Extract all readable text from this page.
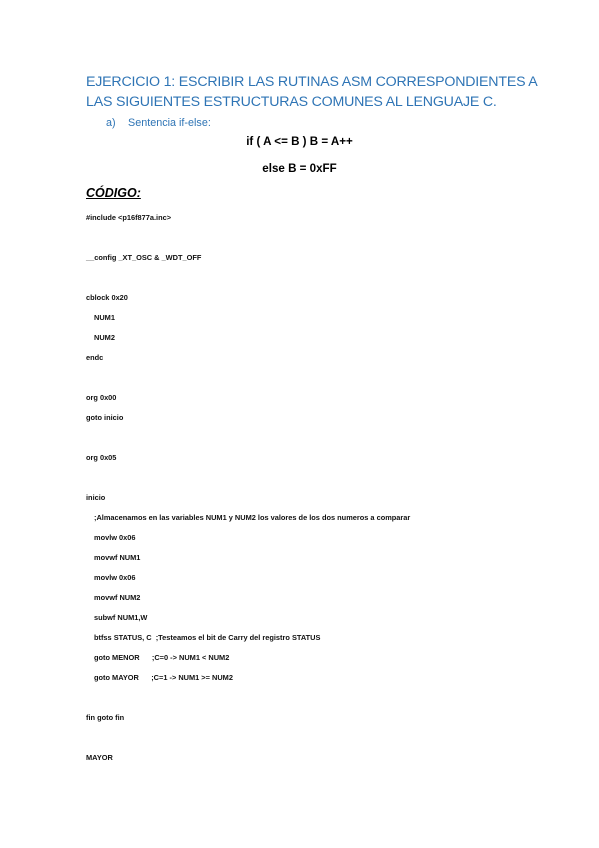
EJERCICIO 1: ESCRIBIR LAS RUTINAS ASM CORRESPONDIENTES A
LAS SIGUIENTES ESTRUCTURAS COMUNES AL LENGUAJE C.
a) Sentencia if-else:
if ( A <= B ) B = A++
else B = 0xFF
CÓDIGO:
#include <p16f877a.inc>
__config _XT_OSC & _WDT_OFF
cblock 0x20
NUM1
NUM2
endc
org 0x00
goto inicio
org 0x05
inicio
;Almacenamos en las variables NUM1 y NUM2 los valores de los dos numeros a comparar
movlw 0x06
movwf NUM1
movlw 0x06
movwf NUM2
subwf NUM1,W
btfss STATUS, C  ;Testeamos el bit de Carry del registro STATUS
goto MENOR      ;C=0 -> NUM1 < NUM2
goto MAYOR      ;C=1 -> NUM1 >= NUM2
fin goto fin
MAYOR
